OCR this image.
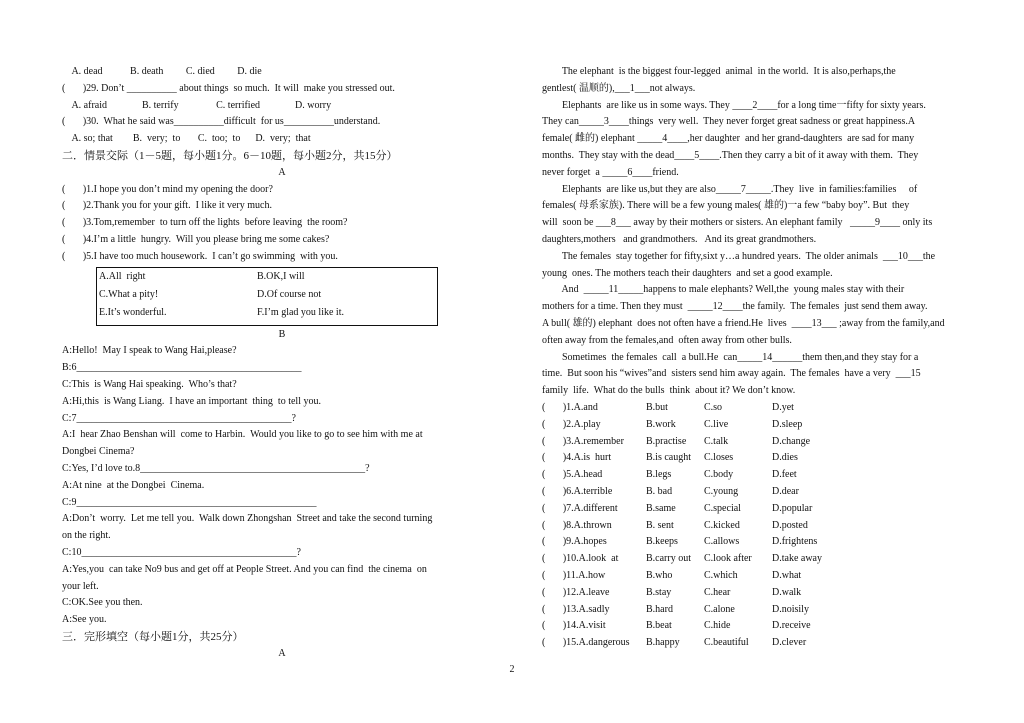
A. dead           B. death         C. died         D. die
(       )29. Don’t __________ about things  so much.  It will  make you stressed out.
A. afraid              B. terrify               C. terrified              D. worry
(       )30.  What he said was__________difficult  for us__________understand.
A. so; that        B.  very;  to       C.  too;  to      D.  very;  that
二．情景交际（1－5题，每小题1分。6－10题，每小题2分，共15分）
A
(       )1.I hope you don’t mind my opening the door?
(       )2.Thank you for your gift.  I like it very much.
(       )3.Tom,remember  to turn off the lights  before leaving  the room?
(       )4.I’m a little  hungry.  Will you please bring me some cakes?
(       )5.I have too much housework.  I can’t go swimming  with you.
A.All  right	B.OK,I will
C.What a pity!	D.Of course not
E.It’s wonderful.	F.I’m glad you like it.
B
A:Hello!  May I speak to Wang Hai,please?
B:6_____________________________________________
C:This  is Wang Hai speaking.  Who’s that?
A:Hi,this  is Wang Liang.  I have an important  thing  to tell you.
C:7___________________________________________?
A:I  hear Zhao Benshan will  come to Harbin.  Would you like to go to see him with me at
Dongbei Cinema?
C:Yes, I’d love to.8_____________________________________________?
A:At nine  at the Dongbei  Cinema.
C:9________________________________________________
A:Don’t  worry.  Let me tell you.  Walk down Zhongshan  Street and take the second turning
on the right.
C:10___________________________________________?
A:Yes,you  can take No9 bus and get off at People Street. And you can find  the cinema  on
your left.
C:OK.See you then.
A:See you.
三．完形填空（每小题1分，共25分）
A
The elephant  is the biggest four-legged  animal  in the world.  It is also,perhaps,the
gentlest( 温顺的),___1___not always.
Elephants  are like us in some ways. They ____2____for a long time一fifty for sixty years.
They can_____3____things  very well.  They never forget great sadness or great happiness.A
female( 雌的) elephant _____4____,her daughter  and her grand-daughters  are sad for many
months.  They stay with the dead____5____.Then they carry a bit of it away with them.  They
never forget  a _____6____friend.
Elephants  are like us,but they are also_____7_____.They  live  in families:families     of
females( 母系家族). There will be a few young males( 雄的)一a few “baby boy”. But  they
will  soon be ___8___ away by their mothers or sisters. An elephant family   _____9____ only its
daughters,mothers   and grandmothers.   And its great grandmothers.
The females  stay together for fifty,sixt y…a hundred years.  The older animals  ___10___the
young  ones. The mothers teach their daughters  and set a good example.
And  _____11_____happens to male elephants? Well,the  young males stay with their
mothers for a time. Then they must  _____12____the family.  The females  just send them away.
A bull( 雄的) elephant  does not often have a friend.He  lives  ____13___ ;away from the family,and
often away from the females,and  often away from other bulls.
Sometimes  the females  call  a bull.He  can_____14______them then,and they stay for a
time.  But soon his “wives”and  sisters send him away again.  The females  have a very  ___15
family  life.  What do the bulls  think  about it? We don’t know.
(       )1.A.and	B.but	C.so	D.yet
(       )2.A.play	B.work	C.live	D.sleep
(       )3.A.remember B.practise C.talk	D.change
(       )4.A.is  hurt	B.is caught C.loses	D.dies
(       )5.A.head	B.legs	C.body	D.feet
(       )6.A.terrible	B. bad	C.young	D.dear
(       )7.A.different	B.same	C.special	D.popular
(       )8.A.thrown	B. sent	C.kicked	D.posted
(       )9.A.hopes	B.keeps	C.allows	D.frightens
(       )10.A.look  at	B.carry out C.look after D.take away
(       )11.A.how	B.who	C.which	D.what
(       )12.A.leave	B.stay	C.hear	D.walk
(       )13.A.sadly	B.hard	C.alone	D.noisily
(       )14.A.visit	B.beat	C.hide	D.receive
(       )15.A.dangerous B.happy C.beautiful D.clever
2
